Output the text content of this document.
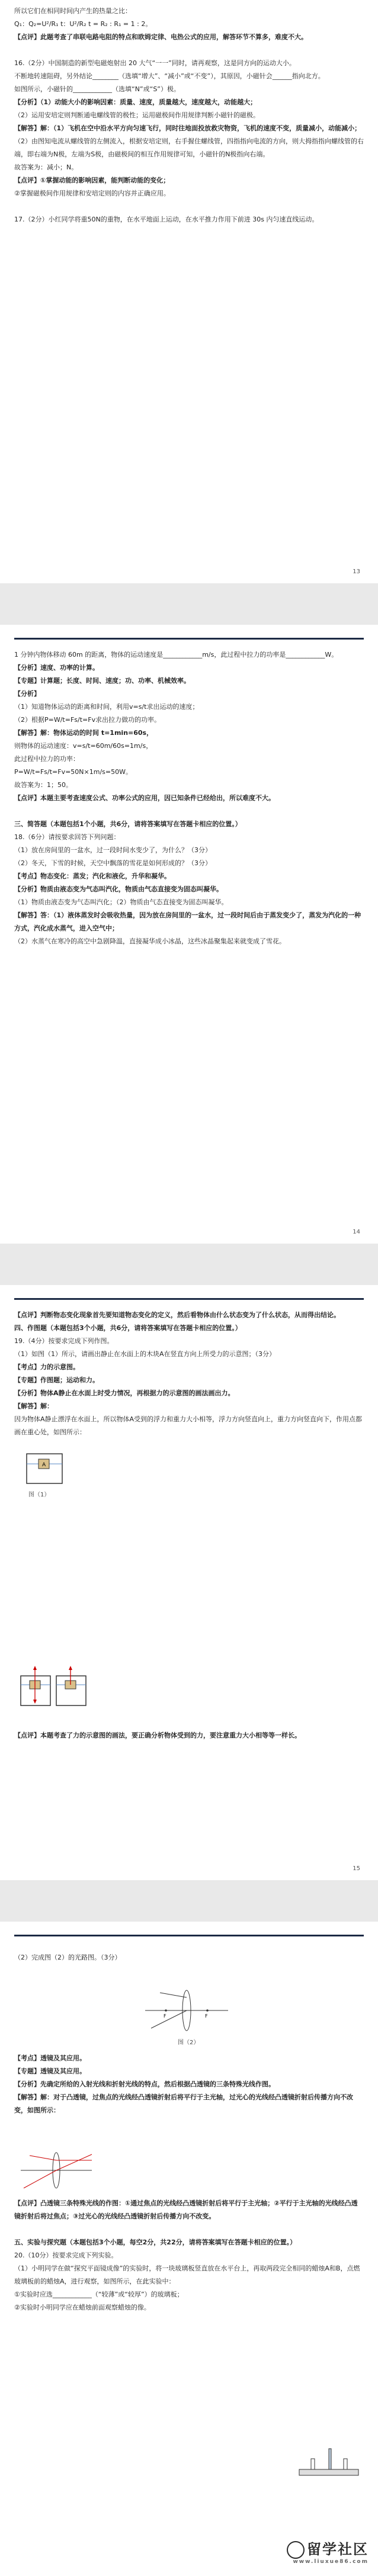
所以它们在相同时间内产生的热量之比：

Q₁：Q₂=U²/R₁ t：U²/R₂ t = R₂ : R₁ = 1 : 2。

【点评】此题考查了串联电路电阻的特点和欧姆定律、电热公式的应用，解答环节不算多，难度不大。

16.（2分）中国制造的新型电磁炮射出 20 大气“一一”同时，请再观察，这是同方向的运动大小。

不断地转速阻碍，另外结论________（选填“增大”、“减小”或“不变”），其原因，小磁针会______指向北方。

如图所示，小磁针的____________（选填“N”或“S”）极。

【分析】（1）动能大小的影响因素：质量、速度，质量越大，速度越大，动能越大；

（2）运用安培定则判断通电螺线管的极性；运用磁极间作用规律判断小磁针的磁极。

【解答】解：（1）飞机在空中沿水平方向匀速飞行，同时往地面投放救灾物资，飞机的速度不变，质量减小，动能减小；

（2）由图知电流从螺线管的左侧流入，根据安培定则，右手握住螺线管，四指指向电流的方向，则大拇指指向螺线管的右端，即右端为N极，左端为S极，由磁极间的相互作用规律可知，小磁针的N极指向右端。

故答案为：减小；N。

【点评】①掌握动能的影响因素，能判断动能的变化；

②掌握磁极间作用规律和安培定则的内容并正确应用。

17.（2分）小红同学将重50N的重物，在水平地面上运动，在水平推力作用下前进 30s 内匀速直线运动。

13

1 分钟内物体移动 60m 的距离，物体的运动速度是____________m/s，此过程中拉力的功率是____________W。

【分析】速度、功率的计算。

【专题】计算题；长度、时间、速度；功、功率、机械效率。

【分析】

（1）知道物体运动的距离和时间，利用v=s/t求出运动的速度；

（2）根据P=W/t=Fs/t=Fv求出拉力做功的功率。

【解答】解：物体运动的时间 t=1min=60s，

则物体的运动速度：v=s/t=60m/60s=1m/s，

此过程中拉力的功率：

P=W/t=Fs/t=Fv=50N×1m/s=50W。

故答案为：1；50。

【点评】本题主要考查速度公式、功率公式的应用，因已知条件已经给出，所以难度不大。

三、简答题（本题包括1个小题，共6分，请将答案填写在答题卡相应的位置。）

18.（6分）请按要求回答下列问题：

（1）放在房间里的一盆水，过一段时间水变少了，为什么？（3分）

（2）冬天，下雪的时候，天空中飘落的雪花是如何形成的？（3分）

【考点】物态变化：蒸发；汽化和液化，升华和凝华。

【分析】物质由液态变为气态叫汽化，物质由气态直接变为固态叫凝华。

（1）物质由液态变为气态叫汽化；（2）物质由气态直接变为固态叫凝华。

【解答】答：（1）液体蒸发时会吸收热量，因为放在房间里的一盆水，过一段时间后由于蒸发变少了，蒸发为汽化的一种方式，汽化成水蒸气，进入空气中；

（2）水蒸气在寒冷的高空中急剧降温，直接凝华成小冰晶，这些冰晶聚集起来就变成了雪花。

14

【点评】判断物态变化现象首先要知道物态变化的定义，然后看物体由什么状态变为了什么状态，从而得出结论。

四、作图题（本题包括3个小题，共6分，请将答案填写在答题卡相应的位置。）

19.（4分）按要求完成下列作图。

（1）如图（1）所示，请画出静止在水面上的木块A在竖直方向上所受力的示意图；（3分）

【考点】力的示意图。

【专题】作图题；运动和力。

【分析】物体A静止在水面上时受力情况，再根据力的示意图的画法画出力。

【解答】解：

因为物体A静止漂浮在水面上，所以物体A受到的浮力和重力大小相等，浮力方向竖直向上，重力方向竖直向下，作用点都画在重心处，如图所示：

A
图（1）

【点评】本题考查了力的示意图的画法，要正确分析物体受到的力，要注意重力大小相等等一样长。

15

（2）完成图（2）的光路图。（3分）

F	F
图（2）

【考点】透镜及其应用。

【专题】透镜及其应用。

【分析】先确定所给的入射光线和折射光线的特点，然后根据凸透镜的三条特殊光线作图。

【解答】解：对于凸透镜，过焦点的光线经凸透镜折射后将平行于主光轴，过光心的光线经凸透镜折射后传播方向不改变，如图所示：

【点评】凸透镜三条特殊光线的作图：①通过焦点的光线经凸透镜折射后将平行于主光轴；②平行于主光轴的光线经凸透镜折射后将过焦点；③过光心的光线经凸透镜折射后传播方向不改变。

五、实验与探究题（本题包括3个小题，每空2分，共22分，请将答案填写在答题卡相应的位置。）

20.（10分）按要求完成下列实验。

（1）小明同学在做“探究平面镜成像”的实验时，将一块玻璃板竖直放在水平台上，再取两段完全相同的蜡烛A和B，点燃玻璃板前的蜡烛A，进行观察，如图所示，在此实验中：

①实验时应选____________（“较薄”或“较厚”）的玻璃板；

②实验时小明同学应在蜡烛前面观察蜡烛的像。

留学社区
www.liuxue86.com
